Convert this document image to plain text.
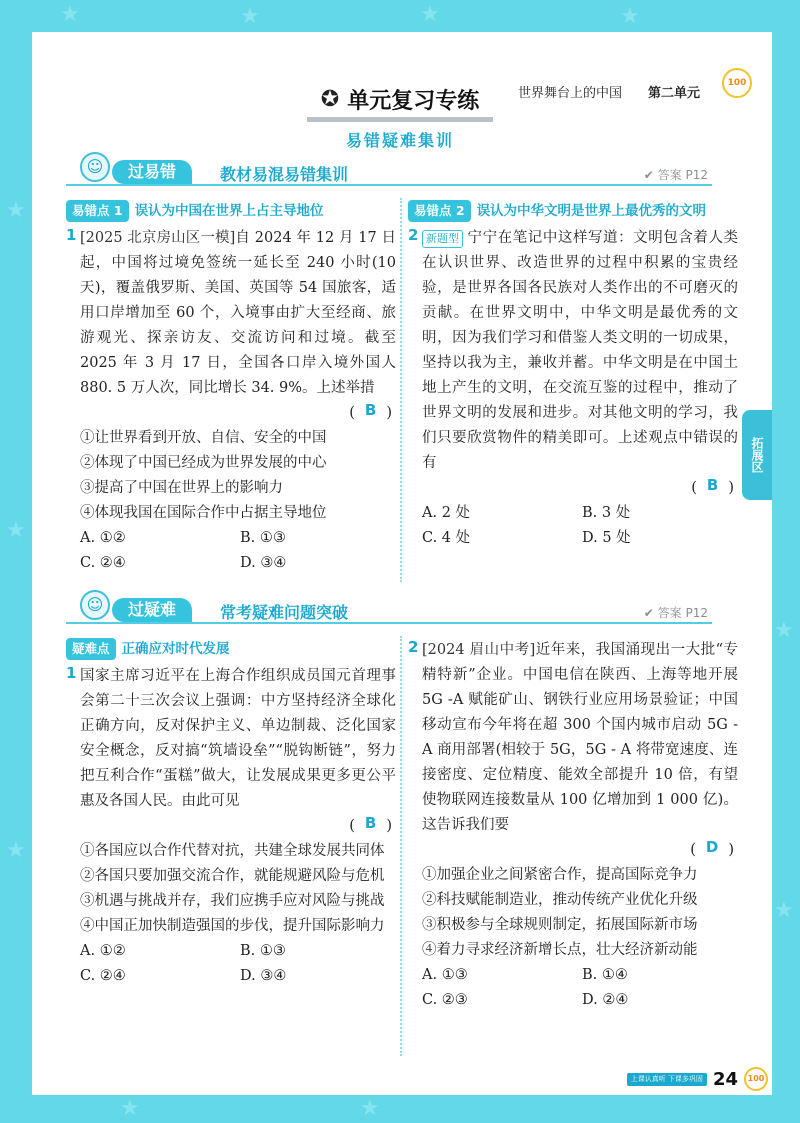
★	★	★	★
★
★
★
★
★
★	★
世界舞台上的中国 第二单元
100
拓展区
✪ 单元复习专练
易错疑难集训
☺	过易错	教材易混易错集训	✔ 答案 P12
易错点 1 误认为中国在世界上占主导地位
1 [2025 北京房山区一模]自 2024 年 12 月 17 日起，中国将过境免签统一延长至 240 小时(10 天)，覆盖俄罗斯、美国、英国等 54 国旅客，适用口岸增加至 60 个，入境事由扩大至经商、旅游观光、探亲访友、交流访问和过境。截至 2025 年 3 月 17 日，全国各口岸入境外国人 880. 5 万人次，同比增长 34. 9%。上述举措
( B )
①让世界看到开放、自信、安全的中国
②体现了中国已经成为世界发展的中心
③提高了中国在世界上的影响力
④体现我国在国际合作中占据主导地位
A. ①②	B. ①③
C. ②④	D. ③④
易错点 2 误认为中华文明是世界上最优秀的文明
2 新题型 宁宁在笔记中这样写道：文明包含着人类在认识世界、改造世界的过程中积累的宝贵经验，是世界各国各民族对人类作出的不可磨灭的贡献。在世界文明中，中华文明是最优秀的文明，因为我们学习和借鉴人类文明的一切成果，坚持以我为主，兼收并蓄。中华文明是在中国土地上产生的文明，在交流互鉴的过程中，推动了世界文明的发展和进步。对其他文明的学习，我们只要欣赏物件的精美即可。上述观点中错误的有
( B )
A. 2 处	B. 3 处
C. 4 处	D. 5 处
☺	过疑难	常考疑难问题突破	✔ 答案 P12
疑难点 正确应对时代发展
1 国家主席习近平在上海合作组织成员国元首理事会第二十三次会议上强调：中方坚持经济全球化正确方向，反对保护主义、单边制裁、泛化国家安全概念，反对搞“筑墙设垒”“脱钩断链”，努力把互利合作“蛋糕”做大，让发展成果更多更公平惠及各国人民。由此可见
( B )
①各国应以合作代替对抗，共建全球发展共同体
②各国只要加强交流合作，就能规避风险与危机
③机遇与挑战并存，我们应携手应对风险与挑战
④中国正加快制造强国的步伐，提升国际影响力
A. ①②	B. ①③
C. ②④	D. ③④
2 [2024 眉山中考]近年来，我国涌现出一大批“专精特新”企业。中国电信在陕西、上海等地开展 5G -A 赋能矿山、钢铁行业应用场景验证；中国移动宣布今年将在超 300 个国内城市启动 5G - A 商用部署(相较于 5G，5G - A 将带宽速度、连接密度、定位精度、能效全部提升 10 倍，有望使物联网连接数量从 100 亿增加到 1 000 亿)。这告诉我们要
( D )
①加强企业之间紧密合作，提高国际竞争力
②科技赋能制造业，推动传统产业优化升级
③积极参与全球规则制定，拓展国际新市场
④着力寻求经济新增长点，壮大经济新动能
A. ①③	B. ①④
C. ②③	D. ②④
上课认真听 下课多巩固 24	100
